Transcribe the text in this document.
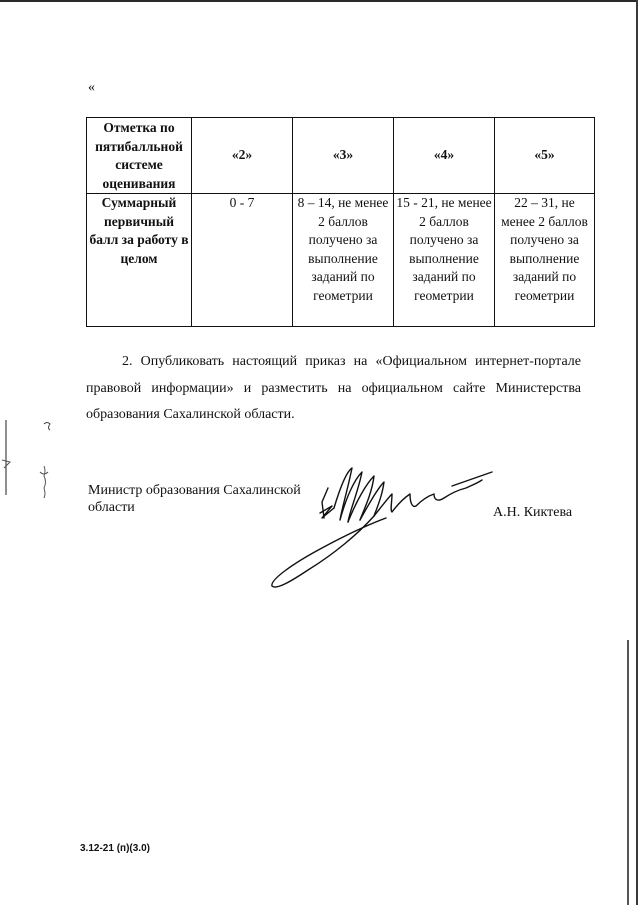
«
Отметка по пятибалльной системе оценивания	«2»	«3»	«4»	«5»
Суммарный первичный балл за работу в целом	0 - 7	8 – 14, не менее 2 баллов получено за выполнение заданий по геометрии	15 - 21, не менее 2 баллов получено за выполнение заданий по геометрии	22 – 31, не менее 2 баллов получено за выполнение заданий по геометрии
2. Опубликовать настоящий приказ на «Официальном интернет-портале
правовой информации» и разместить на официальном сайте Министерства
образования Сахалинской области.
Министр образования Сахалинской области	А.Н. Киктева
3.12-21 (п)(3.0)
